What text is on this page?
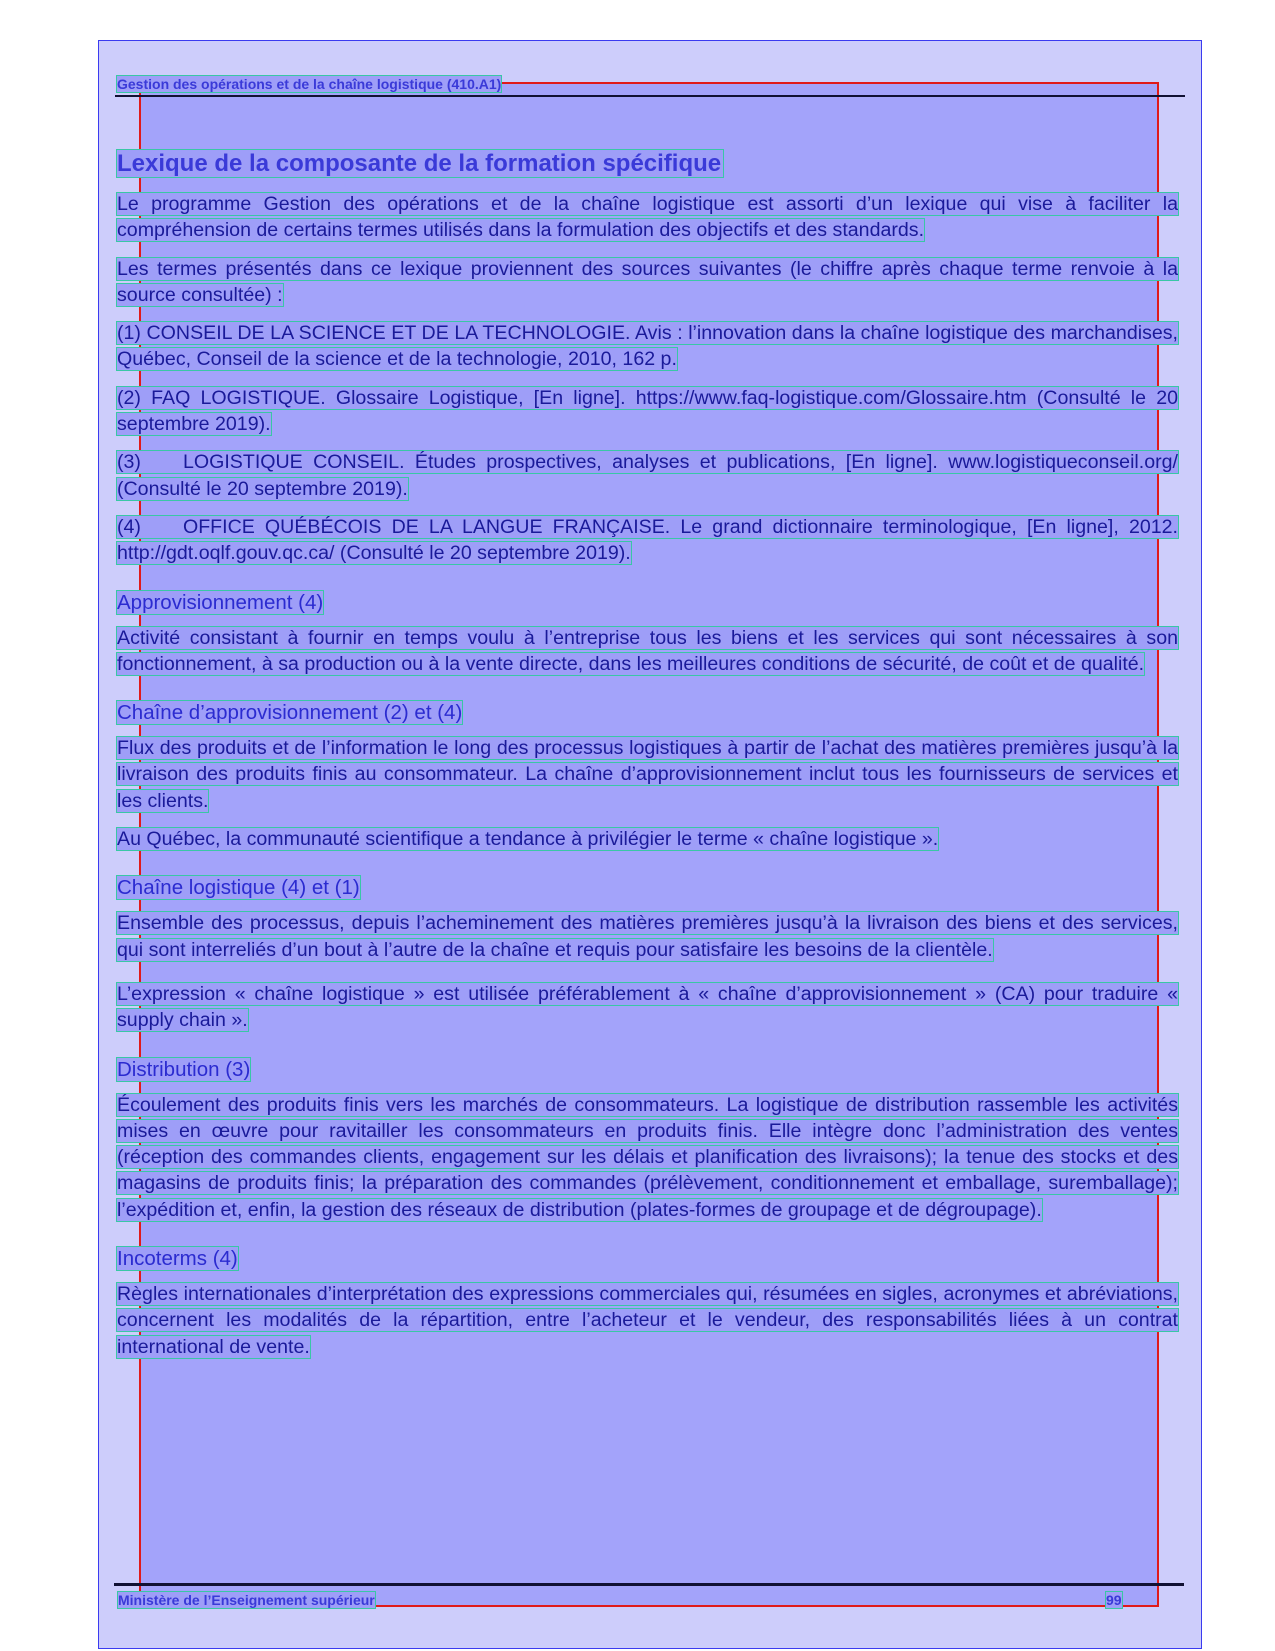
Gestion des opérations et de la chaîne logistique (410.A1)

Lexique de la composante de la formation spécifique

Le programme Gestion des opérations et de la chaîne logistique est assorti d’un lexique qui vise à faciliter la compréhension de certains termes utilisés dans la formulation des objectifs et des standards.

Les termes présentés dans ce lexique proviennent des sources suivantes (le chiffre après chaque terme renvoie à la source consultée) :

(1) CONSEIL DE LA SCIENCE ET DE LA TECHNOLOGIE. Avis : l’innovation dans la chaîne logistique des marchandises, Québec, Conseil de la science et de la technologie, 2010, 162 p.

(2) FAQ LOGISTIQUE. Glossaire Logistique, [En ligne]. https://www.faq-logistique.com/Glossaire.htm (Consulté le 20 septembre 2019).

(3) LOGISTIQUE CONSEIL. Études prospectives, analyses et publications, [En ligne]. www.logistiqueconseil.org/ (Consulté le 20 septembre 2019).

(4) OFFICE QUÉBÉCOIS DE LA LANGUE FRANÇAISE. Le grand dictionnaire terminologique, [En ligne], 2012. http://gdt.oqlf.gouv.qc.ca/ (Consulté le 20 septembre 2019).

Approvisionnement (4)

Activité consistant à fournir en temps voulu à l’entreprise tous les biens et les services qui sont nécessaires à son fonctionnement, à sa production ou à la vente directe, dans les meilleures conditions de sécurité, de coût et de qualité.

Chaîne d’approvisionnement (2) et (4)

Flux des produits et de l’information le long des processus logistiques à partir de l’achat des matières premières jusqu’à la livraison des produits finis au consommateur. La chaîne d’approvisionnement inclut tous les fournisseurs de services et les clients.

Au Québec, la communauté scientifique a tendance à privilégier le terme « chaîne logistique ».

Chaîne logistique (4) et (1)

Ensemble des processus, depuis l’acheminement des matières premières jusqu’à la livraison des biens et des services, qui sont interreliés d’un bout à l’autre de la chaîne et requis pour satisfaire les besoins de la clientèle.

L’expression « chaîne logistique » est utilisée préférablement à « chaîne d’approvisionnement » (CA) pour traduire « supply chain ».

Distribution (3)

Écoulement des produits finis vers les marchés de consommateurs. La logistique de distribution rassemble les activités mises en œuvre pour ravitailler les consommateurs en produits finis. Elle intègre donc l’administration des ventes (réception des commandes clients, engagement sur les délais et planification des livraisons); la tenue des stocks et des magasins de produits finis; la préparation des commandes (prélèvement, conditionnement et emballage, suremballage); l’expédition et, enfin, la gestion des réseaux de distribution (plates-formes de groupage et de dégroupage).

Incoterms (4)

Règles internationales d’interprétation des expressions commerciales qui, résumées en sigles, acronymes et abréviations, concernent les modalités de la répartition, entre l’acheteur et le vendeur, des responsabilités liées à un contrat international de vente.

Ministère de l’Enseignement supérieur	99
